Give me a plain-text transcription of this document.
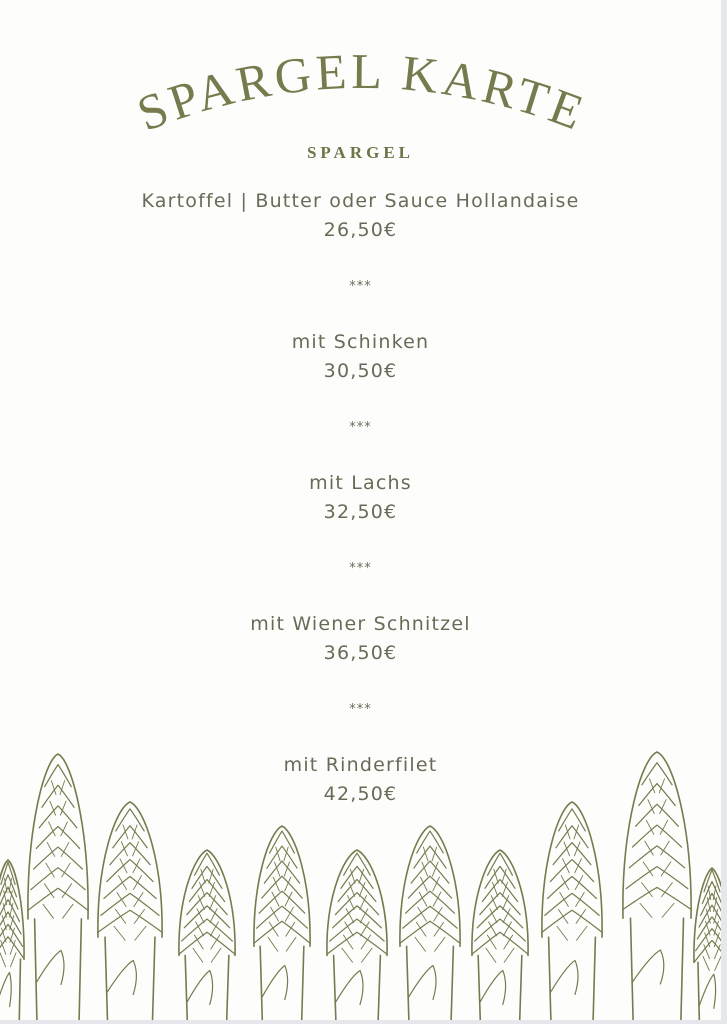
SPARGEL KARTE
SPARGEL
Kartoffel | Butter oder Sauce Hollandaise
26,50€
***
mit Schinken
30,50€
***
mit Lachs
32,50€
***
mit Wiener Schnitzel
36,50€
***
mit Rinderfilet
42,50€
